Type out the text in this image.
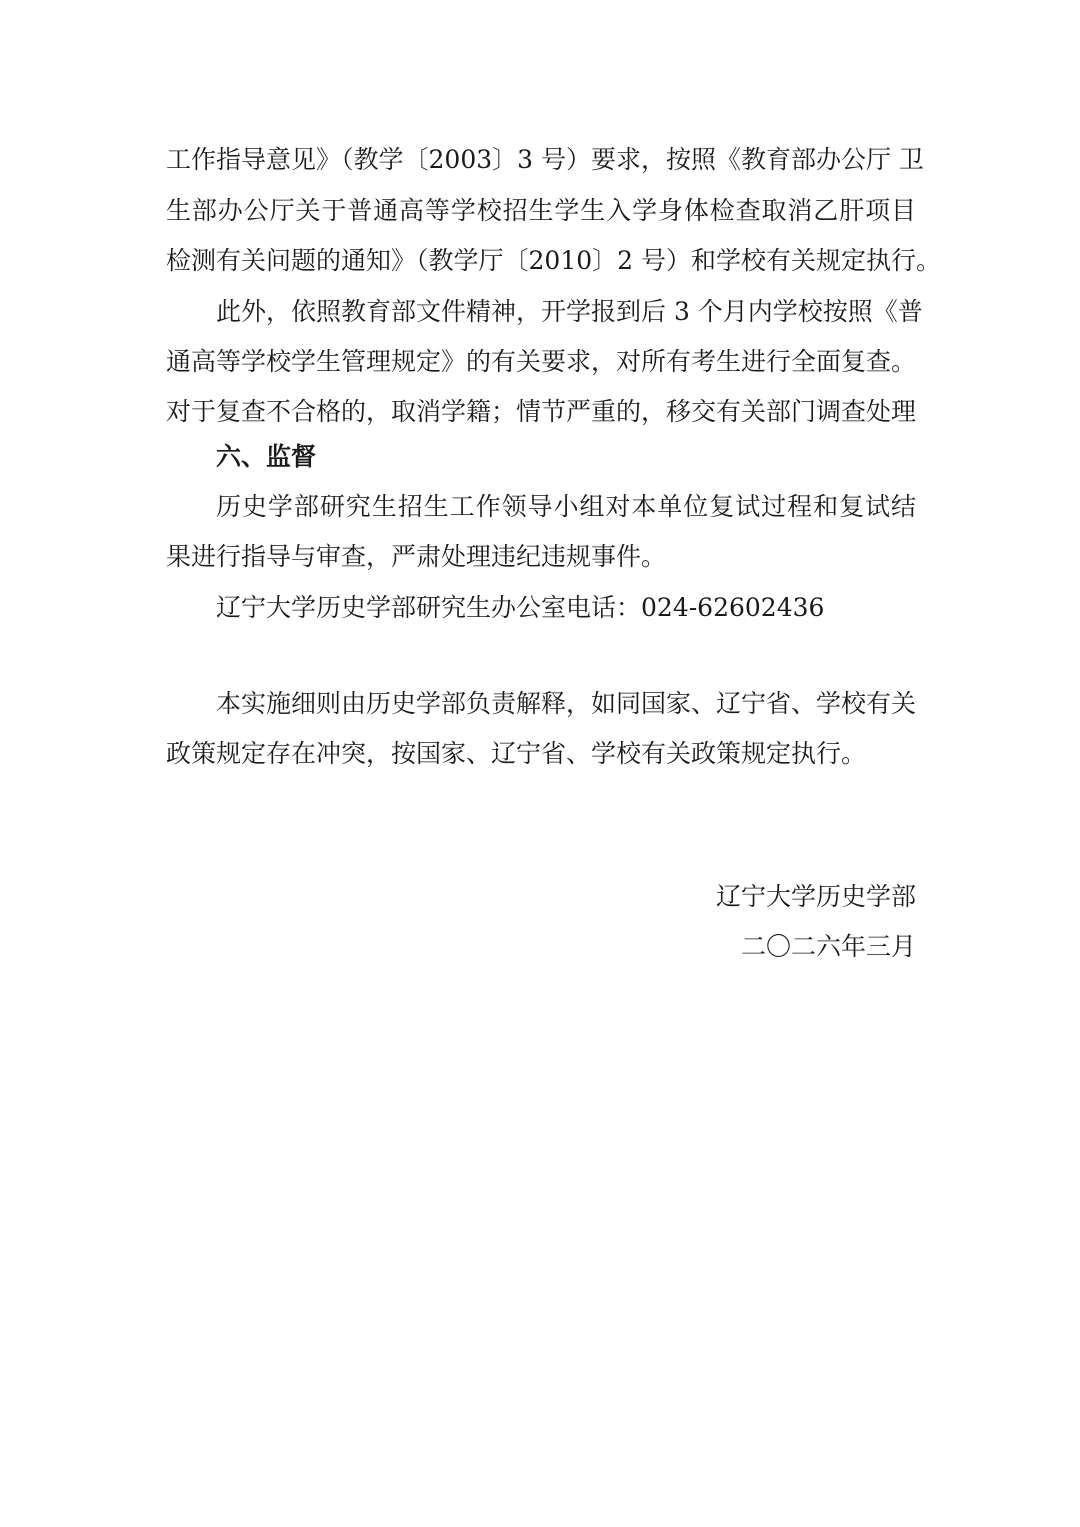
工作指导意见》（教学〔2003〕3 号）要求，按照《教育部办公厅 卫
生部办公厅关于普通高等学校招生学生入学身体检查取消乙肝项目
检测有关问题的通知》（教学厅〔2010〕2 号）和学校有关规定执行。
此外，依照教育部文件精神，开学报到后 3 个月内学校按照《普
通高等学校学生管理规定》的有关要求，对所有考生进行全面复查。
对于复查不合格的，取消学籍；情节严重的，移交有关部门调查处理
六、监督
历史学部研究生招生工作领导小组对本单位复试过程和复试结
果进行指导与审查，严肃处理违纪违规事件。
辽宁大学历史学部研究生办公室电话：024-62602436
本实施细则由历史学部负责解释，如同国家、辽宁省、学校有关
政策规定存在冲突，按国家、辽宁省、学校有关政策规定执行。
辽宁大学历史学部
二〇二六年三月
